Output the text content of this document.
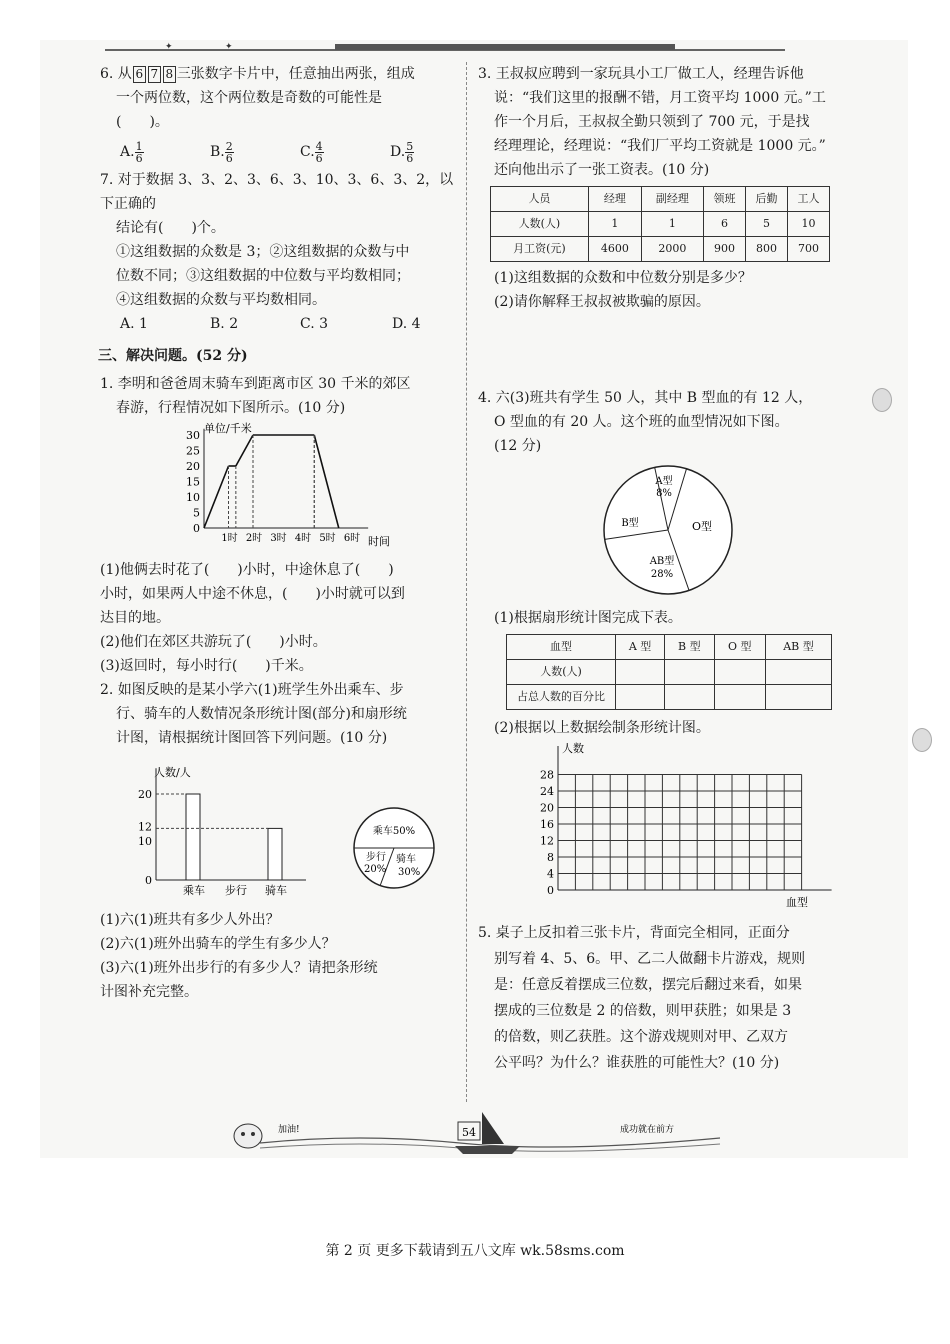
✦	✦

6. 从 6 7 8 三张数字卡片中，任意抽出两张，组成

一个两位数，这个两位数是奇数的可能性是

(　　)。

A. $\frac{1}{6}$	B. $\frac{2}{6}$	C. $\frac{4}{6}$	D. $\frac{5}{6}$

7. 对于数据 3、3、2、3、6、3、10、3、6、3、2，以下正确的

结论有(　　)个。

①这组数据的众数是 3；②这组数据的众数与中

位数不同；③这组数据的中位数与平均数相同；

④这组数据的众数与平均数相同。

A. 1	B. 2	C. 3	D. 4

三、解决问题。(52 分)

1. 李明和爸爸周末骑车到距离市区 30 千米的郊区

春游，行程情况如下图所示。(10 分)

单位/千米
时间
0
5
10
15
20
25
30
1时 2时 3时 4时 5时 6时

(1)他俩去时花了(　　)小时，中途休息了(　　)

小时，如果两人中途不休息，(　　)小时就可以到

达目的地。

(2)他们在郊区共游玩了(　　)小时。

(3)返回时，每小时行(　　)千米。

2. 如图反映的是某小学六(1)班学生外出乘车、步

行、骑车的人数情况条形统计图(部分)和扇形统

计图，请根据统计图回答下列问题。(10 分)

人数/人
0
10
12
20
乘车 步行 骑车
乘车50%
步行
20%
骑车
30%

(1)六(1)班共有多少人外出？

(2)六(1)班外出骑车的学生有多少人？

(3)六(1)班外出步行的有多少人？请把条形统

计图补充完整。

3. 王叔叔应聘到一家玩具小工厂做工人，经理告诉他

说：“我们这里的报酬不错，月工资平均 1000 元。”工

作一个月后，王叔叔全勤只领到了 700 元，于是找

经理理论，经理说：“我们厂平均工资就是 1000 元。”

还向他出示了一张工资表。(10 分)

人员	经理	副经理	领班	后勤	工人
人数(人)	1	1	6	5	10
月工资(元)	4600	2000	900	800	700

(1)这组数据的众数和中位数分别是多少？

(2)请你解释王叔叔被欺骗的原因。

4. 六(3)班共有学生 50 人，其中 B 型血的有 12 人，

O 型血的有 20 人。这个班的血型情况如下图。

(12 分)

A型
8%
B型	O型
AB型
28%

(1)根据扇形统计图完成下表。

血型	A 型	B 型	O 型	AB 型
人数(人)				
占总人数的百分比				

(2)根据以上数据绘制条形统计图。

人数
血型
0
4
8
12
16
20
24
28

5. 桌子上反扣着三张卡片，背面完全相同，正面分

别写着 4、5、6。甲、乙二人做翻卡片游戏，规则

是：任意反着摆成三位数，摆完后翻过来看，如果

摆成的三位数是 2 的倍数，则甲获胜；如果是 3

的倍数，则乙获胜。这个游戏规则对甲、乙双方

公平吗？为什么？谁获胜的可能性大？(10 分)

加油!	54	成功就在前方
第 2 页 更多下载请到五八文库 wk.58sms.com
